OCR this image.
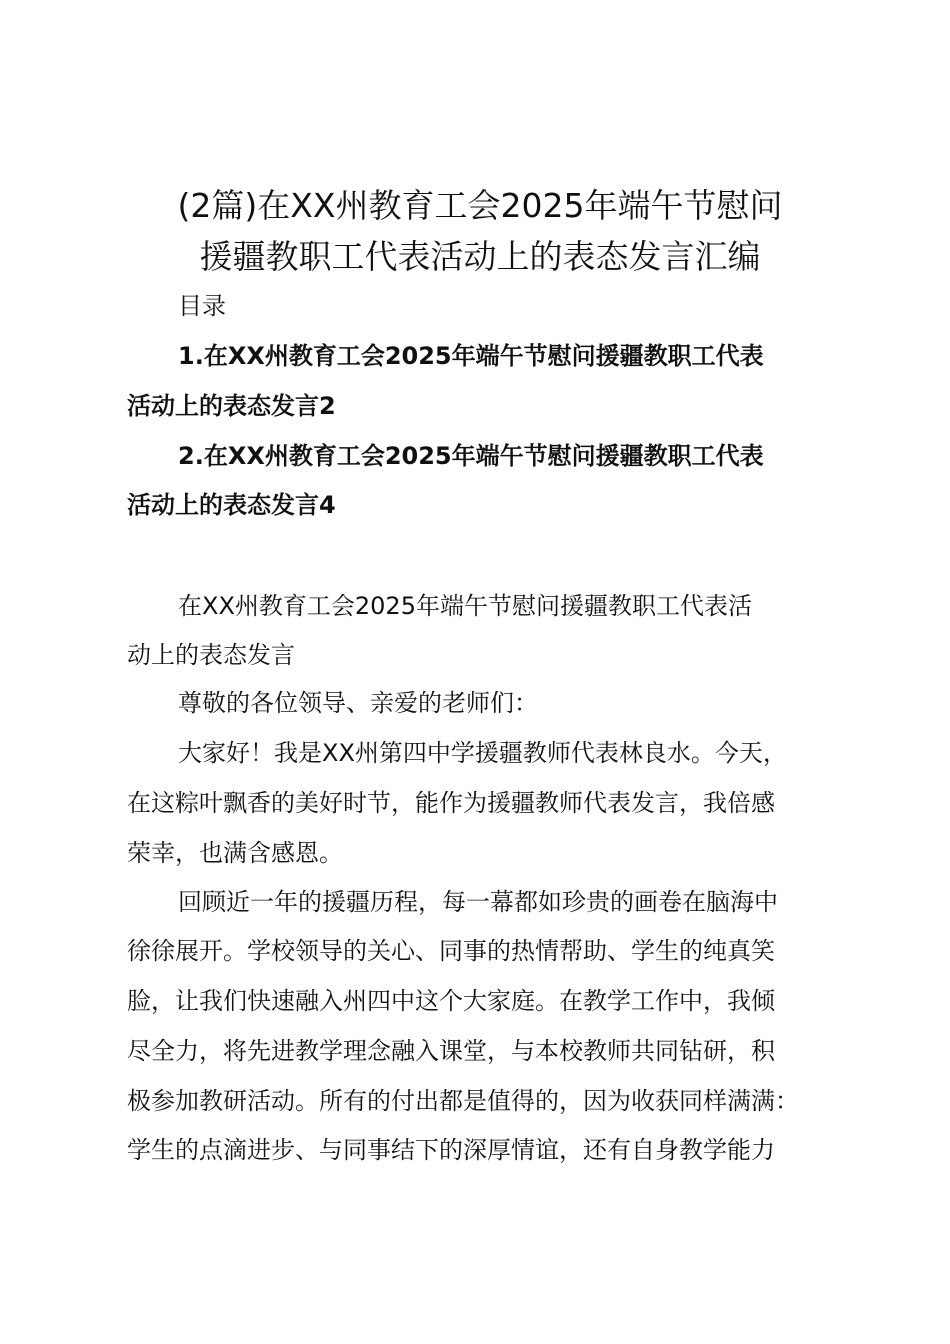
(2篇)在XX州教育工会2025年端午节慰问
援疆教职工代表活动上的表态发言汇编
目录
1.在XX州教育工会2025年端午节慰问援疆教职工代表
活动上的表态发言2
2.在XX州教育工会2025年端午节慰问援疆教职工代表
活动上的表态发言4
在XX州教育工会2025年端午节慰问援疆教职工代表活
动上的表态发言
尊敬的各位领导、亲爱的老师们：
大家好！我是XX州第四中学援疆教师代表林良水。今天，
在这粽叶飘香的美好时节，能作为援疆教师代表发言，我倍感
荣幸，也满含感恩。
回顾近一年的援疆历程，每一幕都如珍贵的画卷在脑海中
徐徐展开。学校领导的关心、同事的热情帮助、学生的纯真笑
脸，让我们快速融入州四中这个大家庭。在教学工作中，我倾
尽全力，将先进教学理念融入课堂，与本校教师共同钻研，积
极参加教研活动。所有的付出都是值得的，因为收获同样满满：
学生的点滴进步、与同事结下的深厚情谊，还有自身教学能力
